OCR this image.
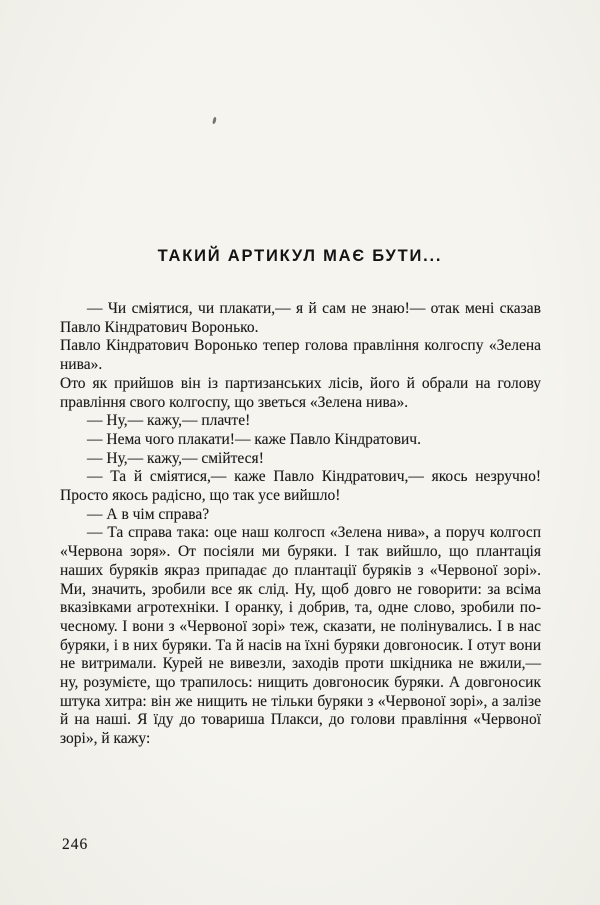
ТАКИЙ АРТИКУЛ МАЄ БУТИ...

— Чи сміятися, чи плакати,— я й сам не знаю!— отак мені сказав Павло Кіндратович Воронько.

Павло Кіндратович Воронько тепер голова правління колгоспу «Зелена нива».

Ото як прийшов він із партизанських лісів, його й обрали на голову правління свого колгоспу, що зветься «Зелена нива».

— Ну,— кажу,— плачте!

— Нема чого плакати!— каже Павло Кіндратович.

— Ну,— кажу,— смійтеся!

— Та й сміятися,— каже Павло Кіндратович,— якось незручно! Просто якось радісно, що так усе вийшло!

— А в чім справа?

— Та справа така: оце наш колгосп «Зелена нива», а поруч колгосп «Червона зоря». От посіяли ми буряки. І так вийшло, що плантація наших буряків якраз припадає до плантації буряків з «Червоної зорі». Ми, значить, зробили все як слід. Ну, щоб довго не говорити: за всіма вказівками агротехніки. І оранку, і добрив, та, одне слово, зробили по-чесному. І вони з «Червоної зорі» теж, сказати, не полінувались. І в нас буряки, і в них буряки. Та й насів на їхні буряки довгоносик. І отут вони не витримали. Курей не вивезли, заходів проти шкідника не вжили,— ну, розумієте, що трапилось: нищить довгоносик буряки. А довгоносик штука хитра: він же нищить не тільки буряки з «Червоної зорі», а залізе й на наші. Я їду до товариша Плакси, до голови правління «Червоної зорі», й кажу:

246
